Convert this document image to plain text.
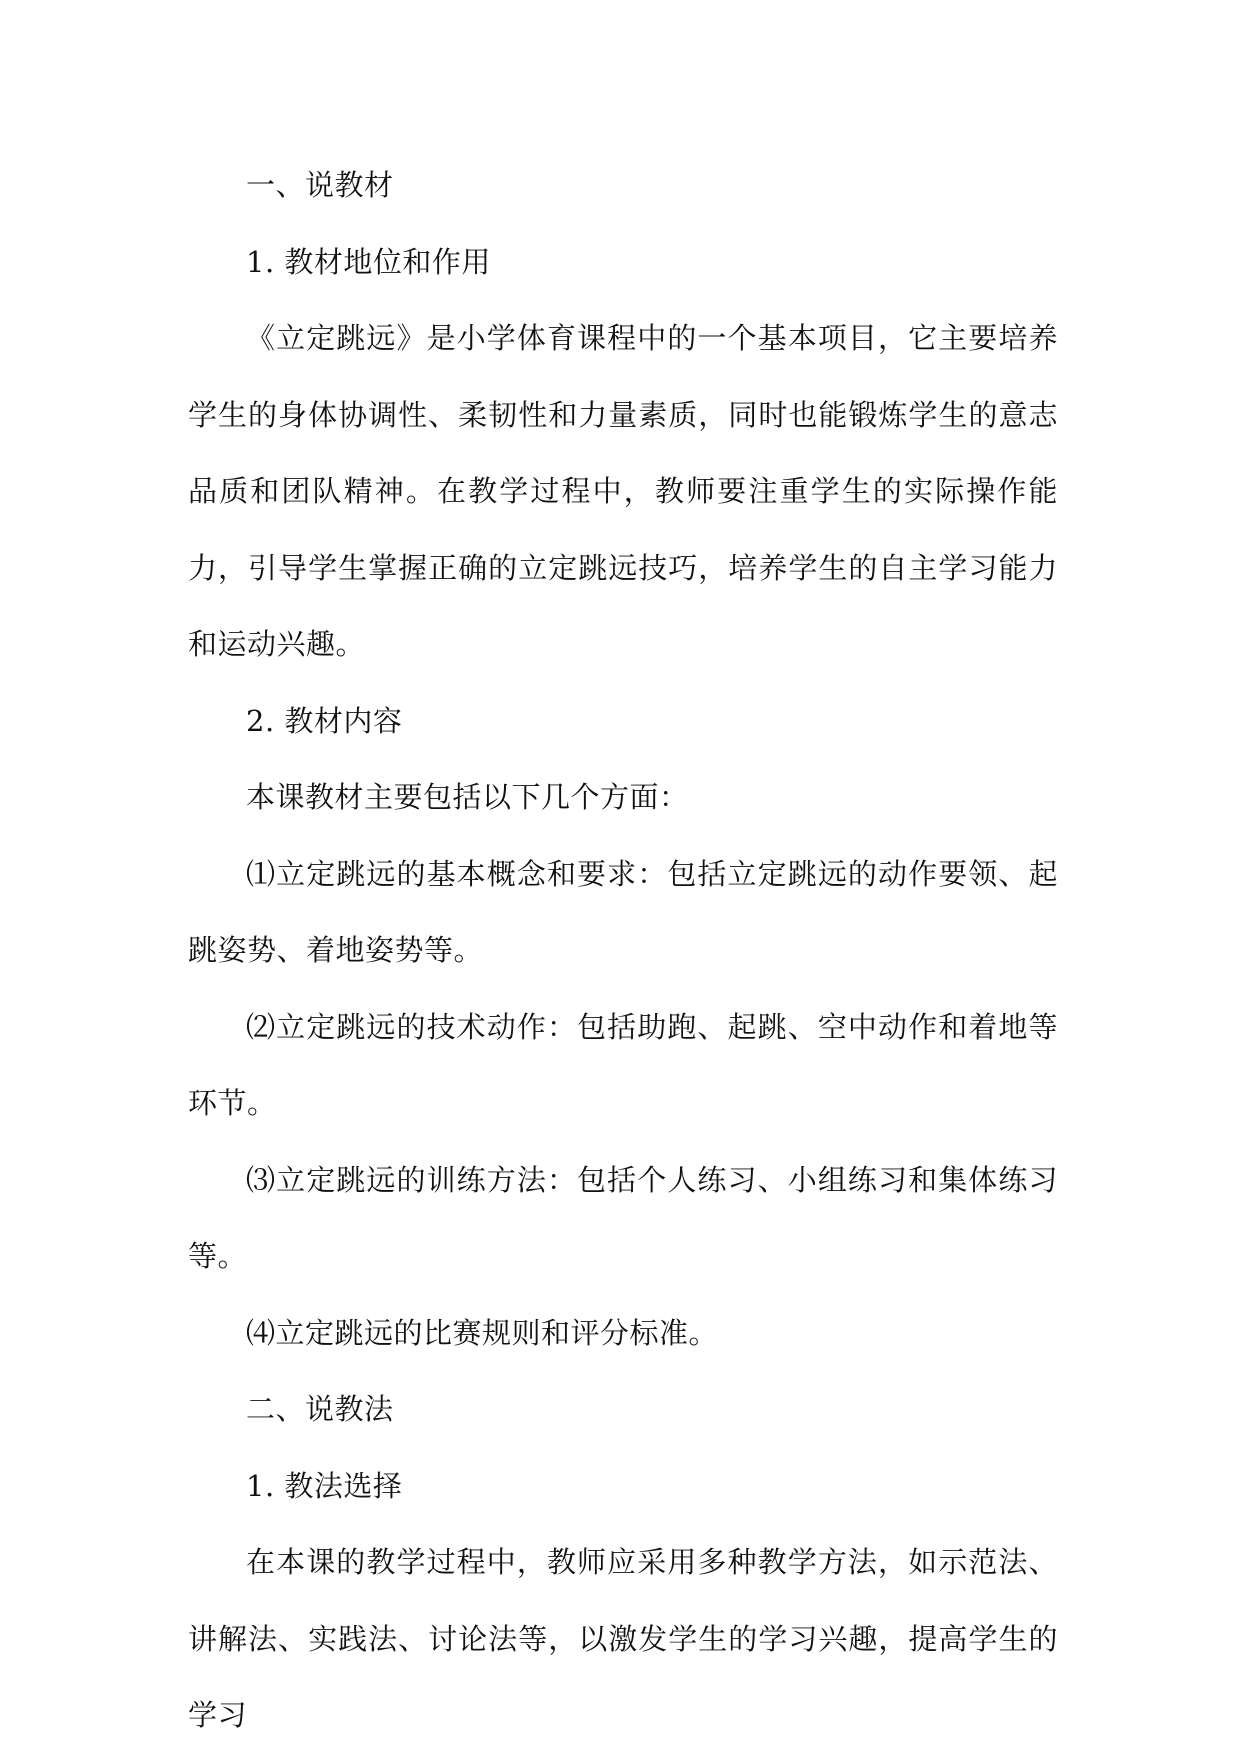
一、说教材

1. 教材地位和作用

《立定跳远》是小学体育课程中的一个基本项目，它主要培养学生的身体协调性、柔韧性和力量素质，同时也能锻炼学生的意志品质和团队精神。在教学过程中，教师要注重学生的实际操作能力，引导学生掌握正确的立定跳远技巧，培养学生的自主学习能力和运动兴趣。

2. 教材内容

本课教材主要包括以下几个方面：

⑴立定跳远的基本概念和要求：包括立定跳远的动作要领、起跳姿势、着地姿势等。

⑵立定跳远的技术动作：包括助跑、起跳、空中动作和着地等环节。

⑶立定跳远的训练方法：包括个人练习、小组练习和集体练习等。

⑷立定跳远的比赛规则和评分标准。

二、说教法

1. 教法选择

在本课的教学过程中，教师应采用多种教学方法，如示范法、讲解法、实践法、讨论法等，以激发学生的学习兴趣，提高学生的学习
